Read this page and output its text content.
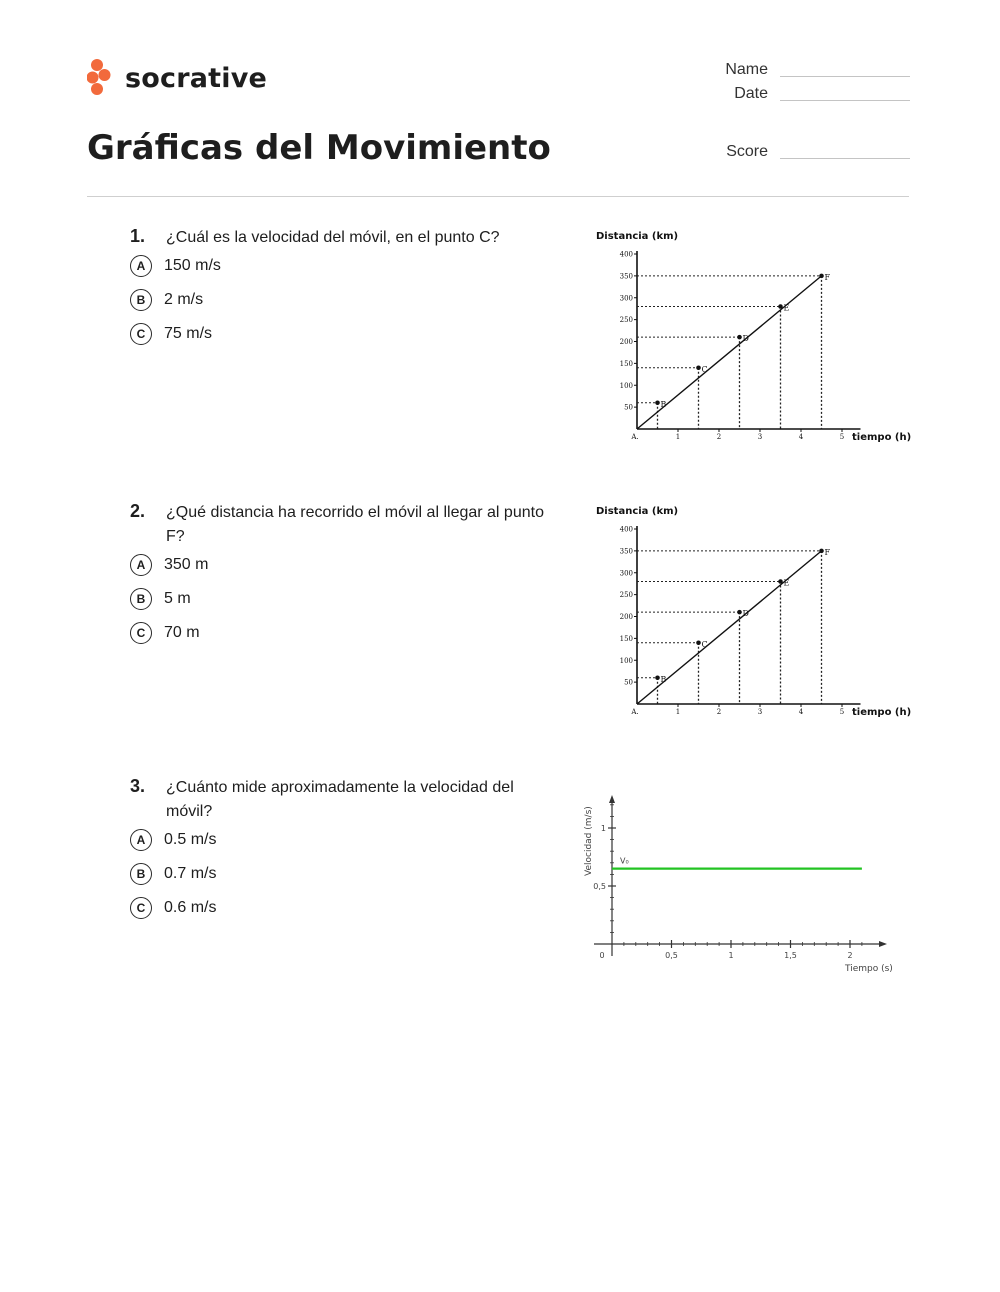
socrative
Gráficas del Movimiento
Name
Date
Score
1.	¿Cuál es la velocidad del móvil, en el punto C?
A	150 m/s
B	2 m/s
C	75 m/s
2.	¿Qué distancia ha recorrido el móvil al llegar al punto F?
A	350 m
B	5 m
C	70 m
3.	¿Cuánto mide aproximadamente la velocidad del móvil?
A	0.5 m/s
B	0.7 m/s
C	0.6 m/s
Distancia (km)
50
100
150
200
250
300
350
400
1	2	3	4	5
A.	tiempo (h)
B
C
D
E
F
Distancia (km)
50
100
150
200
250
300
350
400
1	2	3	4	5
A.	tiempo (h)
B
C
D
E
F
0,5	1	1,5	2
0,5
1
0
Tiempo (s)
Velocidad (m/s)	V₀
